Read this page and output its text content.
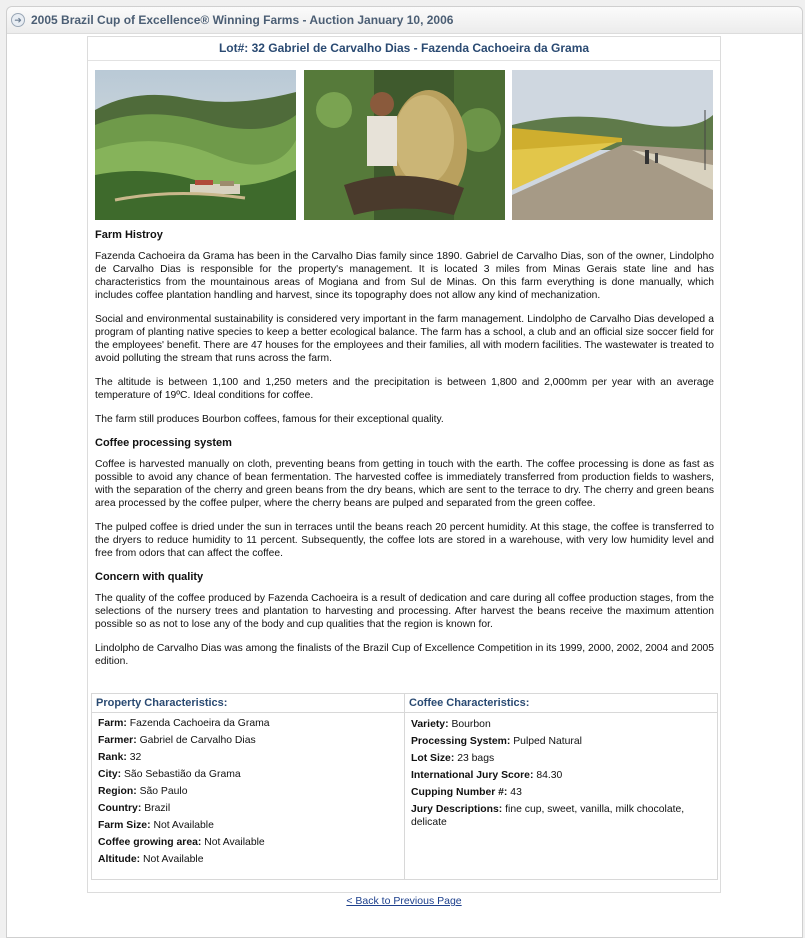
➜ 2005 Brazil Cup of Excellence® Winning Farms - Auction January 10, 2006
Lot#: 32 Gabriel de Carvalho Dias - Fazenda Cachoeira da Grama
Farm Histroy

Fazenda Cachoeira da Grama has been in the Carvalho Dias family since 1890. Gabriel de Carvalho Dias, son of the owner, Lindolpho de Carvalho Dias is responsible for the property's management. It is located 3 miles from Minas Gerais state line and has characteristics from the mountainous areas of Mogiana and from Sul de Minas. On this farm everything is done manually, which includes coffee plantation handling and harvest, since its topography does not allow any kind of mechanization.

Social and environmental sustainability is considered very important in the farm management. Lindolpho de Carvalho Dias developed a program of planting native species to keep a better ecological balance. The farm has a school, a club and an official size soccer field for the employees' benefit. There are 47 houses for the employees and their families, all with modern facilities. The wastewater is treated to avoid polluting the stream that runs across the farm.

The altitude is between 1,100 and 1,250 meters and the precipitation is between 1,800 and 2,000mm per year with an average temperature of 19ºC. Ideal conditions for coffee.

The farm still produces Bourbon coffees, famous for their exceptional quality.

Coffee processing system

Coffee is harvested manually on cloth, preventing beans from getting in touch with the earth. The coffee processing is done as fast as possible to avoid any chance of bean fermentation. The harvested coffee is immediately transferred from production fields to washers, with the separation of the cherry and green beans from the dry beans, which are sent to the terrace to dry. The cherry and green beans area processed by the coffee pulper, where the cherry beans are pulped and separated from the green coffee.

The pulped coffee is dried under the sun in terraces until the beans reach 20 percent humidity. At this stage, the coffee is transferred to the dryers to reduce humidity to 11 percent. Subsequently, the coffee lots are stored in a warehouse, with very low humidity level and free from odors that can affect the coffee.

Concern with quality

The quality of the coffee produced by Fazenda Cachoeira is a result of dedication and care during all coffee production stages, from the selections of the nursery trees and plantation to harvesting and processing. After harvest the beans receive the maximum attention possible so as not to lose any of the body and cup qualities that the region is known for.

Lindolpho de Carvalho Dias was among the finalists of the Brazil Cup of Excellence Competition in its 1999, 2000, 2002, 2004 and 2005 edition.

Property Characteristics:
Farm: Fazenda Cachoeira da Grama
Farmer: Gabriel de Carvalho Dias
Rank: 32
City: São Sebastião da Grama
Region: São Paulo
Country: Brazil
Farm Size: Not Available
Coffee growing area: Not Available
Altitude: Not Available
Coffee Characteristics:
Variety: Bourbon
Processing System: Pulped Natural
Lot Size: 23 bags
International Jury Score: 84.30
Cupping Number #: 43
Jury Descriptions: fine cup, sweet, vanilla, milk chocolate, delicate
< Back to Previous Page
